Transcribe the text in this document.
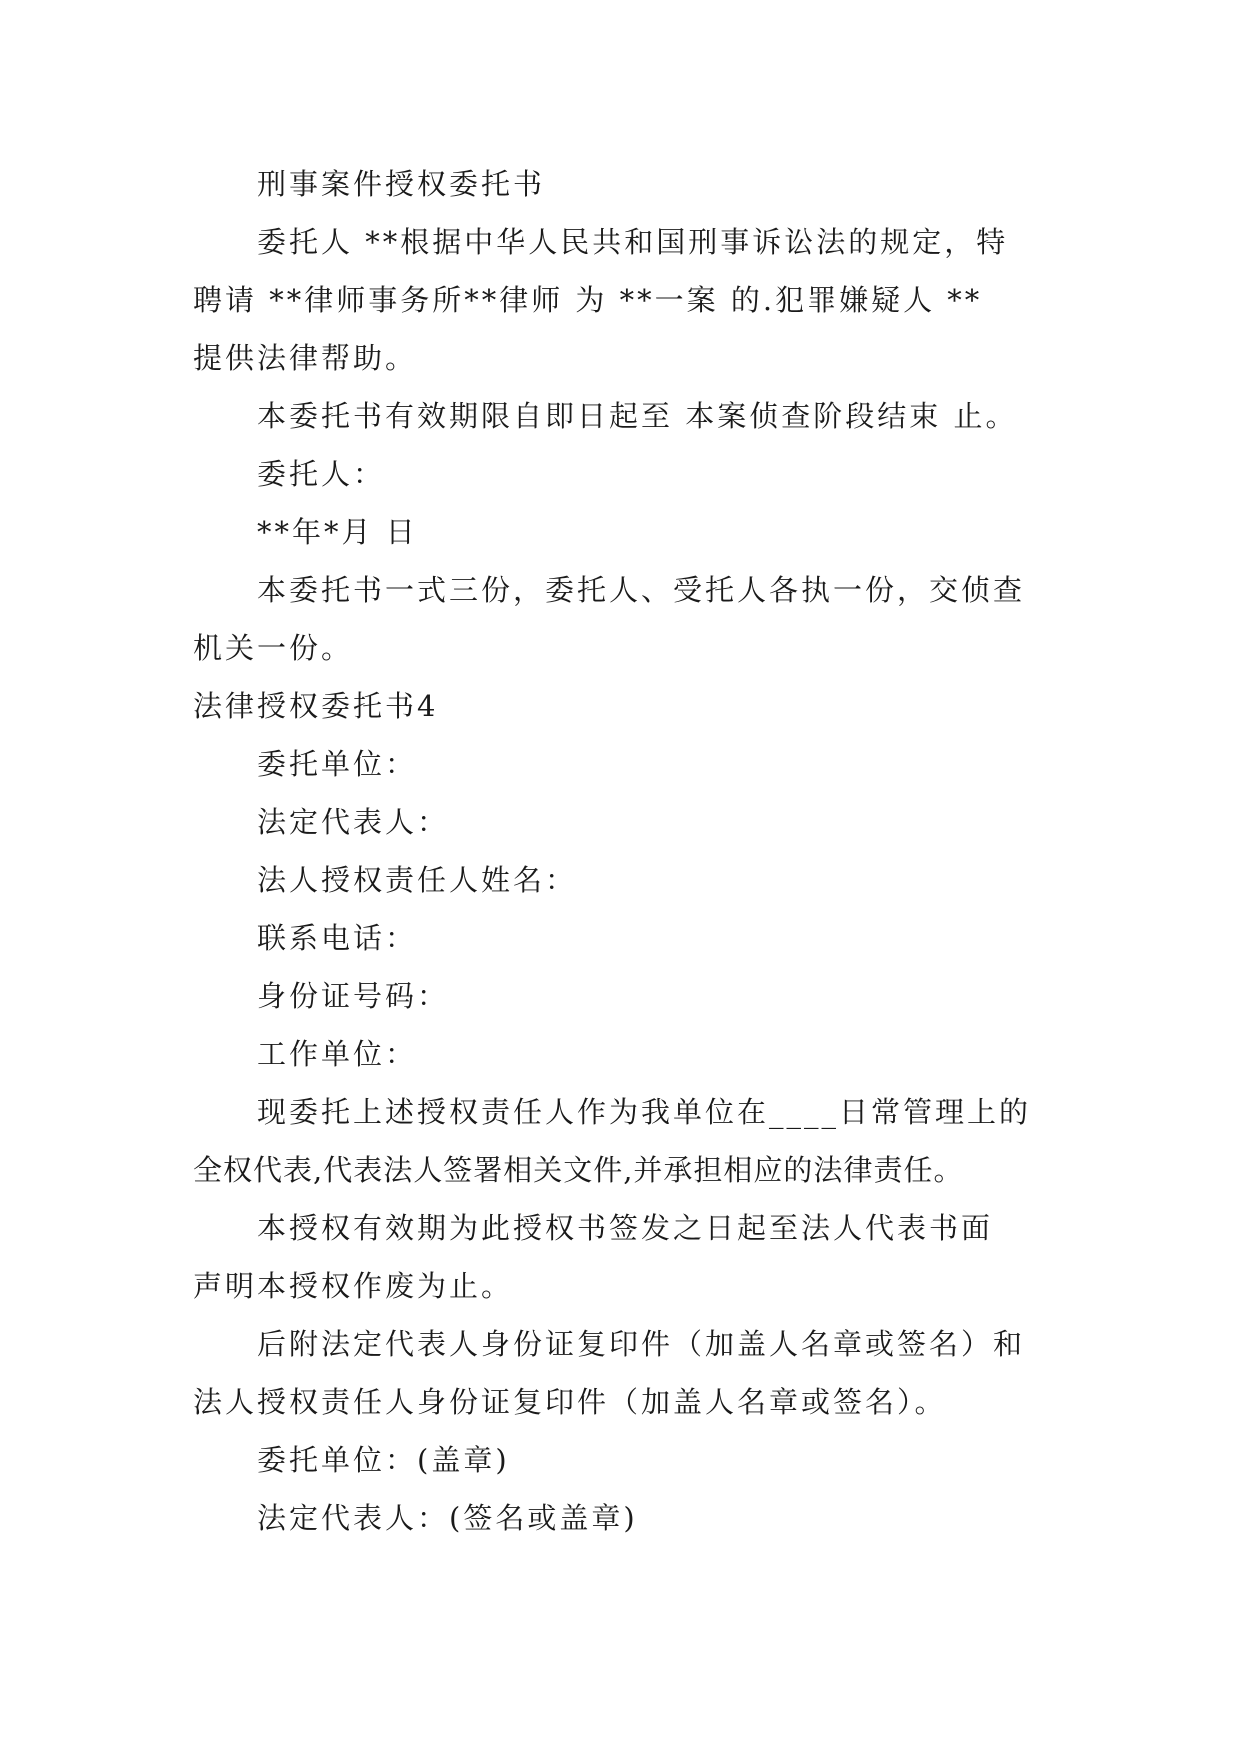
刑事案件授权委托书
委托人 **根据中华人民共和国刑事诉讼法的规定，特
聘请 **律师事务所**律师 为 **一案 的.犯罪嫌疑人 **
提供法律帮助。
本委托书有效期限自即日起至 本案侦查阶段结束 止。
委托人：
**年*月 日
本委托书一式三份，委托人、受托人各执一份，交侦查
机关一份。
法律授权委托书4
委托单位：
法定代表人：
法人授权责任人姓名：
联系电话：
身份证号码：
工作单位：
现委托上述授权责任人作为我单位在____日常管理上的
全权代表,代表法人签署相关文件,并承担相应的法律责任。
本授权有效期为此授权书签发之日起至法人代表书面
声明本授权作废为止。
后附法定代表人身份证复印件（加盖人名章或签名）和
法人授权责任人身份证复印件（加盖人名章或签名）。
委托单位：(盖章)
法定代表人：(签名或盖章)
